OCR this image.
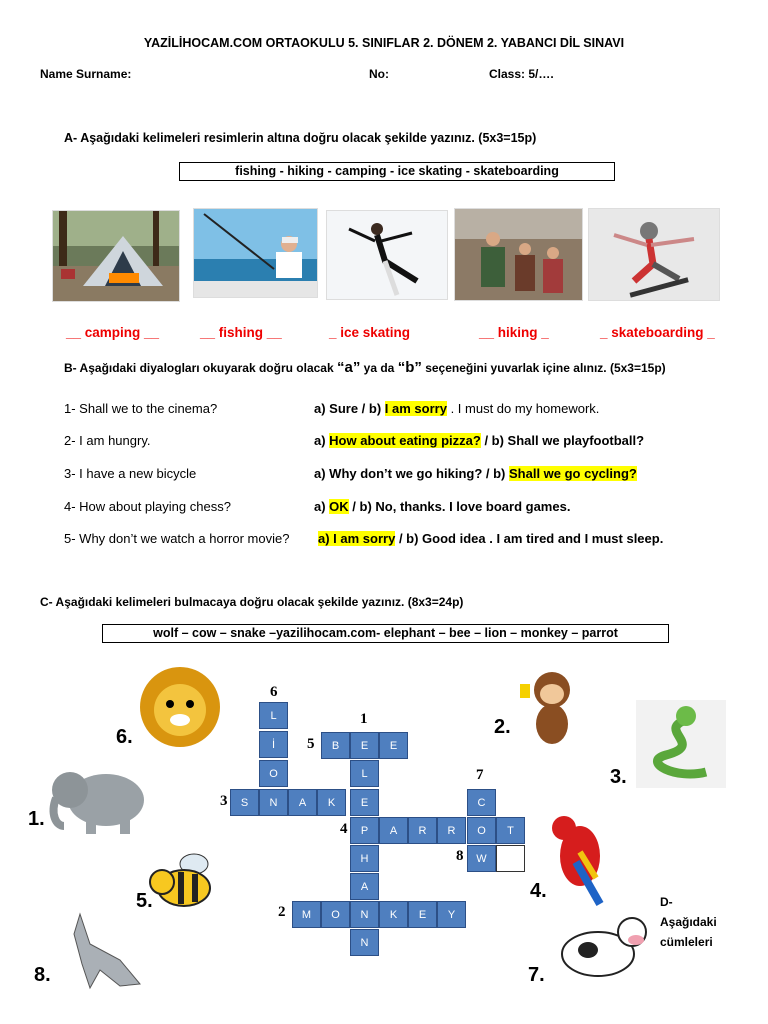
YAZİLİHOCAM.COM ORTAOKULU 5. SINIFLAR 2. DÖNEM 2. YABANCI DİL SINAVI
Name Surname:	No:	Class: 5/….
A- Aşağıdaki kelimeleri resimlerin altına doğru olacak şekilde yazınız. (5x3=15p)
fishing - hiking - camping - ice skating - skateboarding
__ camping __	__ fishing __	_ ice skating	__ hiking _	_ skateboarding _
B- Aşağıdaki diyalogları okuyarak doğru olacak “a” ya da “b” seçeneğini yuvarlak içine alınız. (5x3=15p)
1- Shall we to the cinema?	a) Sure / b) I am sorry . I must do my homework.
2- I am hungry.	a) How about eating pizza? / b) Shall we playfootball?
3- I have a new bicycle	a) Why don’t we go hiking? / b) Shall we go cycling?
4- How about playing chess?	a) OK / b) No, thanks. I love board games.
5- Why don’t we watch a horror movie? a) I am sorry / b) Good idea . I am tired and I must sleep.
C- Aşağıdaki kelimeleri bulmacaya doğru olacak şekilde yazınız. (8x3=24p)
wolf – cow – snake –yazilihocam.com- elephant – bee – lion – monkey – parrot
6.	2.
3.
1.
5.	4.
8.	7.
6
1
5
7
3
4
8
2
L
İ
O
B	E	E
L
S	N	A	K	E	C
P	A	R	R	O	T
W
H
A
M	O	N	K	E	Y
N
D-
Aşağıdaki
cümleleri
